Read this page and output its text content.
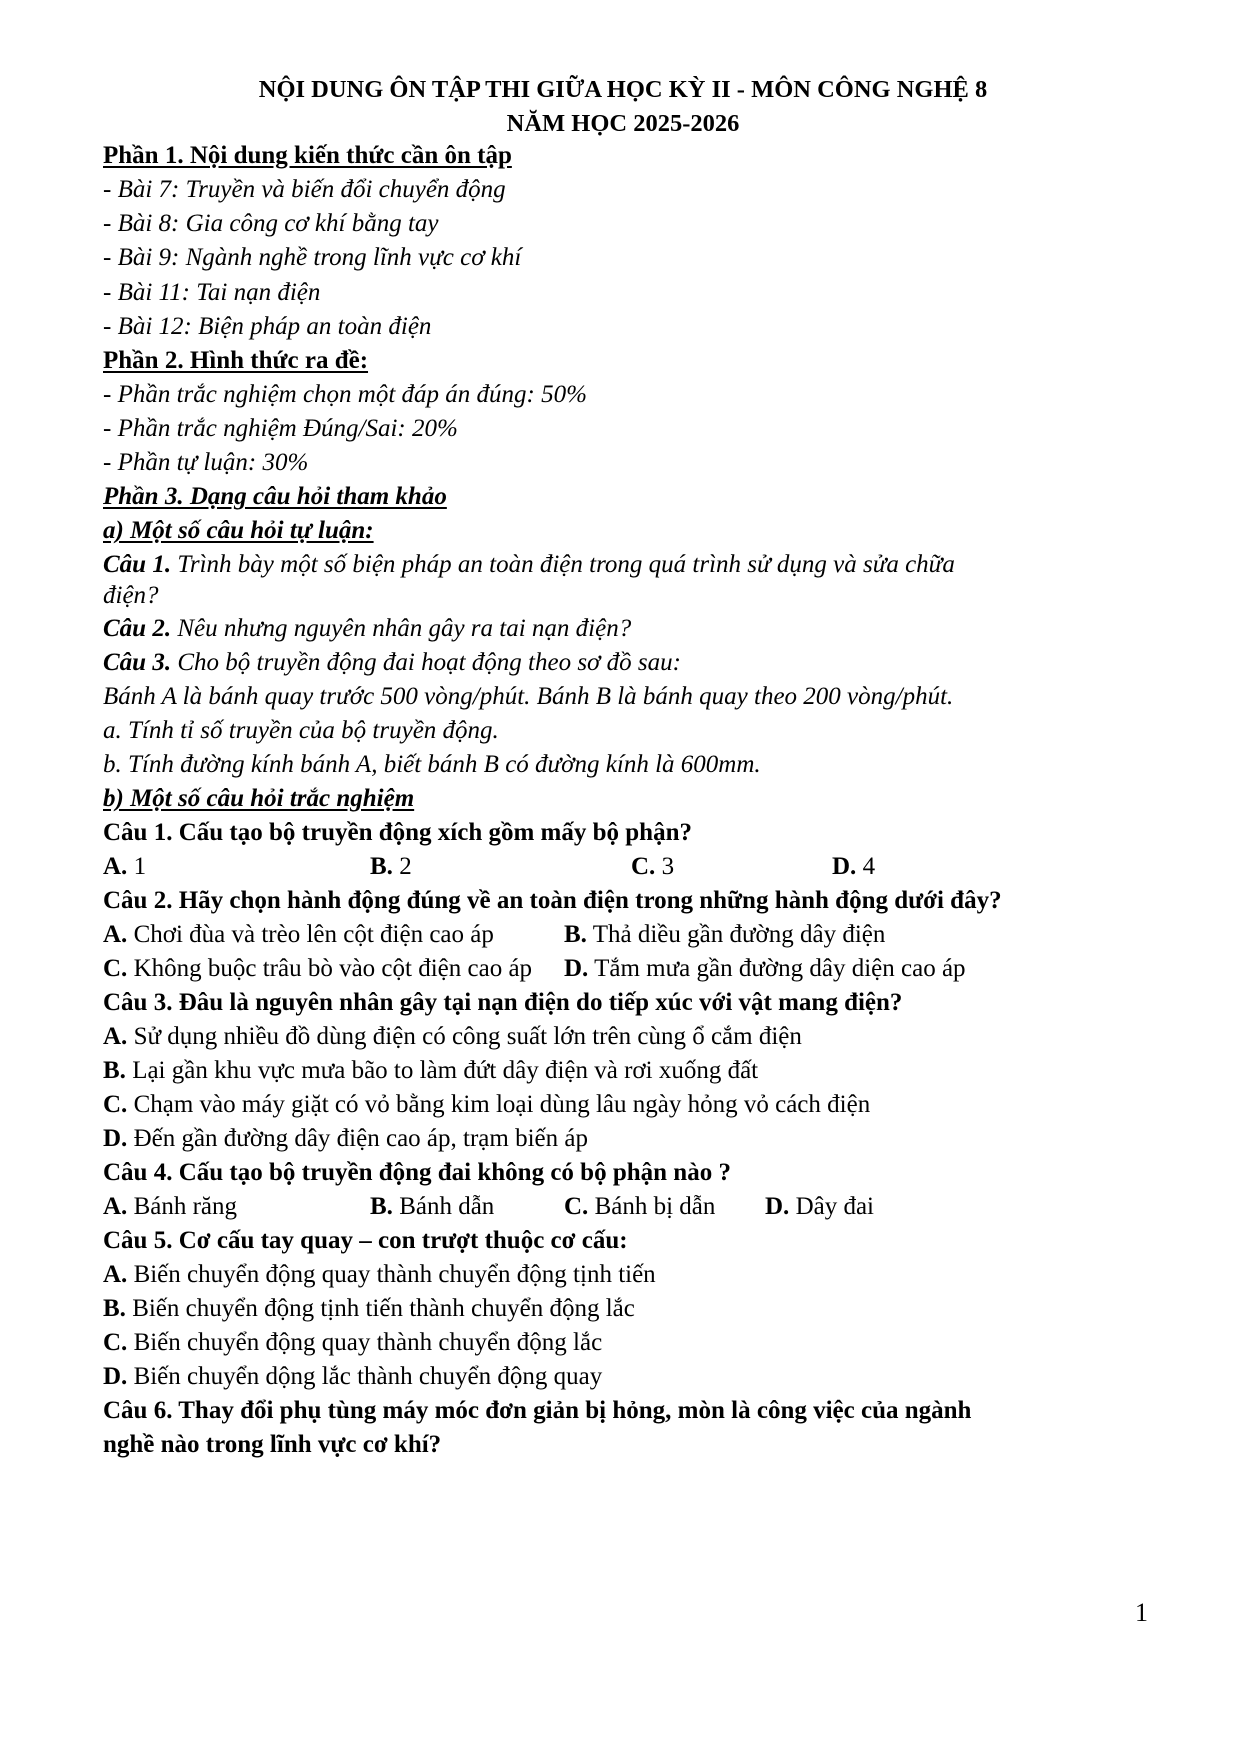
NỘI DUNG ÔN TẬP THI GIỮA HỌC KỲ II - MÔN CÔNG NGHỆ 8
NĂM HỌC 2025-2026
Phần 1. Nội dung kiến thức cần ôn tập
- Bài 7: Truyền và biến đổi chuyển động
- Bài 8: Gia công cơ khí bằng tay
- Bài 9: Ngành nghề trong lĩnh vực cơ khí
- Bài 11: Tai nạn điện
- Bài 12: Biện pháp an toàn điện
Phần 2. Hình thức ra đề:
- Phần trắc nghiệm chọn một đáp án đúng: 50%
- Phần trắc nghiệm Đúng/Sai: 20%
- Phần tự luận: 30%
Phần 3. Dạng câu hỏi tham khảo
a) Một số câu hỏi tự luận:
Câu 1. Trình bày một số biện pháp an toàn điện trong quá trình sử dụng và sửa chữa
điện?
Câu 2. Nêu nhưng nguyên nhân gây ra tai nạn điện?
Câu 3. Cho bộ truyền động đai hoạt động theo sơ đồ sau:
Bánh A là bánh quay trước 500 vòng/phút. Bánh B là bánh quay theo 200 vòng/phút.
a. Tính tỉ số truyền của bộ truyền động.
b. Tính đường kính bánh A, biết bánh B có đường kính là 600mm.
b) Một số câu hỏi trắc nghiệm
Câu 1. Cấu tạo bộ truyền động xích gồm mấy bộ phận?
A. 1	B. 2	C. 3	D. 4
Câu 2. Hãy chọn hành động đúng về an toàn điện trong những hành động dưới đây?
A. Chơi đùa và trèo lên cột điện cao áp	B. Thả diều gần đường dây điện
C. Không buộc trâu bò vào cột điện cao áp D. Tắm mưa gần đường dây diện cao áp
Câu 3. Đâu là nguyên nhân gây tại nạn điện do tiếp xúc với vật mang điện?
A. Sử dụng nhiều đồ dùng điện có công suất lớn trên cùng ổ cắm điện
B. Lại gần khu vực mưa bão to làm đứt dây điện và rơi xuống đất
C. Chạm vào máy giặt có vỏ bằng kim loại dùng lâu ngày hỏng vỏ cách điện
D. Đến gần đường dây điện cao áp, trạm biến áp
Câu 4. Cấu tạo bộ truyền động đai không có bộ phận nào ?
A. Bánh răng	B. Bánh dẫn	C. Bánh bị dẫn D. Dây đai
Câu 5. Cơ cấu tay quay – con trượt thuộc cơ cấu:
A. Biến chuyển động quay thành chuyển động tịnh tiến
B. Biến chuyển động tịnh tiến thành chuyển động lắc
C. Biến chuyển động quay thành chuyển động lắc
D. Biến chuyển dộng lắc thành chuyển động quay
Câu 6. Thay đổi phụ tùng máy móc đơn giản bị hỏng, mòn là công việc của ngành
nghề nào trong lĩnh vực cơ khí?
1
